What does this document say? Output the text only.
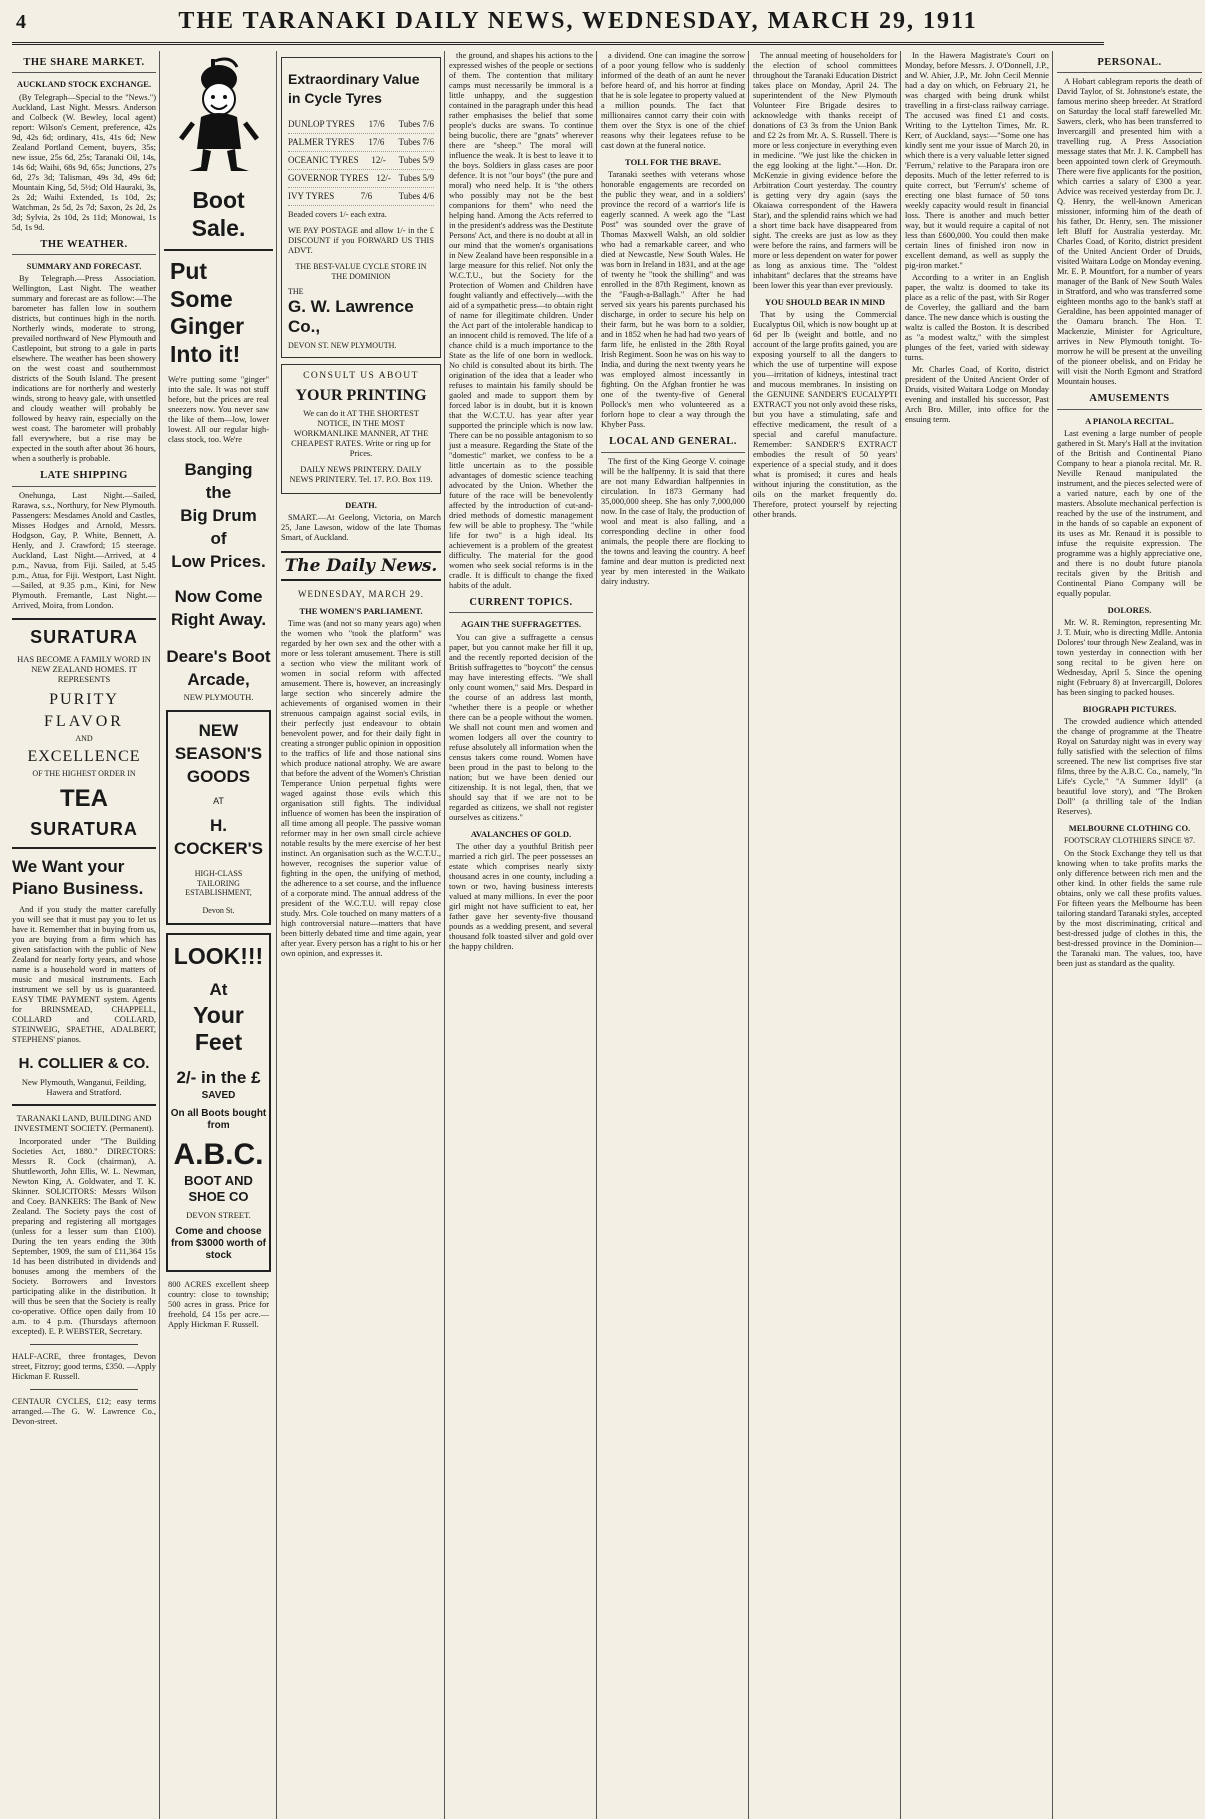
4	THE TARANAKI DAILY NEWS, WEDNESDAY, MARCH 29, 1911
THE SHARE MARKET.
AUCKLAND STOCK EXCHANGE.

(By Telegraph—Special to the "News.") Auckland, Last Night. Messrs. Anderson and Colbeck (W. Bewley, local agent) report: Wilson's Cement, preference, 42s 9d, 42s 6d; ordinary, 41s, 41s 6d; New Zealand Portland Cement, buyers, 35s; new issue, 25s 6d, 25s; Taranaki Oil, 14s, 14s 6d; Waihi, 68s 9d, 65s; Junctions, 27s 6d, 27s 3d; Talisman, 49s 3d, 49s 6d; Mountain King, 5d, 5½d; Old Hauraki, 3s, 2s 2d; Waihi Extended, 1s 10d, 2s; Watchman, 2s 5d, 2s 7d; Saxon, 2s 2d, 2s 3d; Sylvia, 2s 10d, 2s 11d; Monowai, 1s 5d, 1s 9d.

THE WEATHER.
SUMMARY AND FORECAST.

By Telegraph.—Press Association. Wellington, Last Night. The weather summary and forecast are as follow:—The barometer has fallen low in southern districts, but continues high in the north. Northerly winds, moderate to strong, prevailed northward of New Plymouth and Castlepoint, but strong to a gale in parts elsewhere. The weather has been showery on the west coast and southernmost districts of the South Island. The present indications are for northerly and westerly winds, strong to heavy gale, with unsettled and cloudy weather will probably be followed by heavy rain, especially on the west coast. The barometer will probably fall everywhere, but a rise may be expected in the south after about 36 hours, when a southerly is probable.

LATE SHIPPING

Onehunga, Last Night.—Sailed, Rarawa, s.s., Northury, for New Plymouth. Passengers: Mesdames Anold and Castles, Misses Hodges and Arnold, Messrs. Hodgson, Gay, P. White, Bennett, A. Henly, and J. Crawford; 15 steerage. Auckland, Last Night.—Arrived, at 4 p.m., Navua, from Fiji. Sailed, at 5.45 p.m., Atua, for Fiji. Westport, Last Night.—Sailed, at 9.35 p.m., Kini, for New Plymouth. Fremantle, Last Night.—Arrived, Moira, from London.

SURATURA
HAS BECOME A FAMILY WORD IN NEW ZEALAND HOMES. IT REPRESENTS
PURITY
FLAVOR
AND
EXCELLENCE
OF THE HIGHEST ORDER IN
TEA
SURATURA
We Want your Piano Business.

And if you study the matter carefully you will see that it must pay you to let us have it. Remember that in buying from us, you are buying from a firm which has given satisfaction with the public of New Zealand for nearly forty years, and whose name is a household word in matters of music and musical instruments. Each instrument we sell by us is guaranteed. EASY TIME PAYMENT system. Agents for BRINSMEAD, CHAPPELL, COLLARD and COLLARD, STEINWEIG, SPAETHE, ADALBERT, STEPHENS' pianos.

H. COLLIER & CO.
New Plymouth, Wanganui, Feilding, Hawera and Stratford.
TARANAKI LAND, BUILDING AND INVESTMENT SOCIETY. (Permanent).

Incorporated under "The Building Societies Act, 1880." DIRECTORS: Messrs R. Cock (chairman), A. Shuttleworth, John Ellis, W. L. Newman, Newton King, A. Goldwater, and T. K. Skinner. SOLICITORS: Messrs Wilson and Coey. BANKERS: The Bank of New Zealand. The Society pays the cost of preparing and registering all mortgages (unless for a lesser sum than £100). During the ten years ending the 30th September, 1909, the sum of £11,364 15s 1d has been distributed in dividends and bonuses among the members of the Society. Borrowers and Investors participating alike in the distribution. It will thus be seen that the Society is really co-operative. Office open daily from 10 a.m. to 4 p.m. (Thursdays afternoon excepted). E. P. WEBSTER, Secretary.

HALF-ACRE, three frontages, Devon street, Fitzroy; good terms, £350. —Apply Hickman F. Russell.

CENTAUR CYCLES, £12; easy terms arranged.—The G. W. Lawrence Co., Devon-street.

Boot Sale.
Put
Some
Ginger
Into it!

We're putting some "ginger" into the sale. It was not stuff before, but the prices are real sneezers now. You never saw the like of them—low, lower lowest. All our regular high-class stock, too. We're

Banging
the
Big Drum
of
Low Prices.
Now Come Right Away.
Deare's Boot Arcade,
NEW PLYMOUTH.
NEW
SEASON'S
GOODS
AT
H. COCKER'S
HIGH-CLASS TAILORING ESTABLISHMENT,
Devon St.
LOOK!!!
At
Your
Feet
2/- in the £
SAVED
On all Boots bought from
A.B.C.
BOOT AND SHOE CO
DEVON STREET.
Come and choose from $3000 worth of stock

800 ACRES excellent sheep country: close to township; 500 acres in grass. Price for freehold, £4 15s per acre.—Apply Hickman F. Russell.

Extraordinary Value in Cycle Tyres
DUNLOP TYRES 17/6 Tubes 7/6
PALMER TYRES 17/6 Tubes 7/6
OCEANIC TYRES 12/- Tubes 5/9
GOVERNOR TYRES 12/- Tubes 5/9
IVY TYRES	7/6	Tubes 4/6
Beaded covers 1/- each extra.

WE PAY POSTAGE and allow 1/- in the £ DISCOUNT if you FORWARD US THIS ADVT.

THE BEST-VALUE CYCLE STORE IN THE DOMINION
THE
G. W. Lawrence Co.,
DEVON ST. NEW PLYMOUTH.
CONSULT US ABOUT
YOUR PRINTING

We can do it AT THE SHORTEST NOTICE, IN THE MOST WORKMANLIKE MANNER, AT THE CHEAPEST RATES. Write or ring up for Prices.

DAILY NEWS PRINTERY. DAILY NEWS PRINTERY. Tel. 17. P.O. Box 119.

DEATH.

SMART.—At Geelong, Victoria, on March 25, Jane Lawson, widow of the late Thomas Smart, of Auckland.

The Daily News.
WEDNESDAY, MARCH 29.
THE WOMEN'S PARLIAMENT.

Time was (and not so many years ago) when the women who "took the platform" was regarded by her own sex and the other with a more or less tolerant amusement. There is still a section who view the militant work of women in social reform with affected amusement. There is, however, an increasingly large section who sincerely admire the achievements of organised women in their strenuous campaign against social evils, in their perfectly just endeavour to obtain benevolent power, and for their daily fight in creating a stronger public opinion in opposition to the traffics of life and those national sins which produce national atrophy. We are aware that before the advent of the Women's Christian Temperance Union perpetual fights were waged against those evils which this organisation still fights. The individual influence of women has been the inspiration of all time among all people. The passive woman reformer may in her own small circle achieve notable results by the mere exercise of her best instinct. An organisation such as the W.C.T.U., however, recognises the superior value of fighting in the open, the unifying of method, the adherence to a set course, and the influence of a corporate mind. The annual address of the president of the W.C.T.U. will repay close study. Mrs. Cole touched on many matters of a high controversial nature—matters that have been bitterly debated time and time again, year after year. Every person has a right to his or her own opinion, and expresses it.

the ground, and shapes his actions to the expressed wishes of the people or sections of them. The contention that military camps must necessarily be immoral is a little unhappy, and the suggestion contained in the paragraph under this head rather emphasises the belief that some people's ducks are swans. To continue being bucolic, there are "gnats" wherever there are "sheep." The moral will influence the weak. It is best to leave it to the boys. Soldiers in glass cases are poor defence. It is not "our boys" (the pure and moral) who need help. It is "the others who possibly may not be the best companions for them" who need the helping hand. Among the Acts referred to in the president's address was the Destitute Persons' Act, and there is no doubt at all in our mind that the women's organisations in New Zealand have been responsible in a large measure for this relief. Not only the W.C.T.U., but the Society for the Protection of Women and Children have fought valiantly and effectively—with the aid of a sympathetic press—to obtain right of name for illegitimate children. Under the Act part of the intolerable handicap to an innocent child is removed. The life of a chance child is a much importance to the State as the life of one born in wedlock. No child is consulted about its birth. The origination of the idea that a leader who refuses to maintain his family should be gaoled and made to support them by forced labor is in doubt, but it is known that the W.C.T.U. has year after year supported the principle which is now law. There can be no possible antagonism to so just a measure. Regarding the State of the "domestic" market, we confess to be a little uncertain as to the possible advantages of domestic science teaching advocated by the Union. Whether the future of the race will be benevolently affected by the introduction of cut-and-dried methods of domestic management few will be able to prophesy. The "while life for two" is a high ideal. Its achievement is a problem of the greatest difficulty. The material for the good women who seek social reforms is in the cradle. It is difficult to change the fixed habits of the adult.

CURRENT TOPICS.
AGAIN THE SUFFRAGETTES.

You can give a suffragette a census paper, but you cannot make her fill it up, and the recently reported decision of the British suffragettes to "boycott" the census may have interesting effects. "We shall only count women," said Mrs. Despard in the course of an address last month, "whether there is a people or whether there can be a people without the women. We shall not count men and women and women lodgers all over the country to refuse absolutely all information when the census takers come round. Women have been proud in the past to belong to the nation; but we have been denied our citizenship. It is not legal, then, that we should say that if we are not to be regarded as citizens, we shall not register ourselves as citizens."

AVALANCHES OF GOLD.

The other day a youthful British peer married a rich girl. The peer possesses an estate which comprises nearly sixty thousand acres in one county, including a town or two, having business interests valued at many millions. In ever the poor girl might not have sufficient to eat, her father gave her seventy-five thousand pounds as a wedding present, and several thousand folk toasted silver and gold over the happy children.

a dividend. One can imagine the sorrow of a poor young fellow who is suddenly informed of the death of an aunt he never before heard of, and his horror at finding that he is sole legatee to property valued at a million pounds. The fact that millionaires cannot carry their coin with them over the Styx is one of the chief reasons why their legatees refuse to be cast down at the funeral notice.

TOLL FOR THE BRAVE.

Taranaki seethes with veterans whose honorable engagements are recorded on the public they wear, and in a soldiers' province the record of a warrior's life is eagerly scanned. A week ago the "Last Post" was sounded over the grave of Thomas Maxwell Walsh, an old soldier who had a remarkable career, and who died at Newcastle, New South Wales. He was born in Ireland in 1831, and at the age of twenty he "took the shilling" and was enrolled in the 87th Regiment, known as the "Faugh-a-Ballagh." After he had served six years his parents purchased his discharge, in order to secure his help on their farm, but he was born to a soldier, and in 1852 when he had had two years of farm life, he enlisted in the 28th Royal Irish Regiment. Soon he was on his way to India, and during the next twenty years he was employed almost incessantly in fighting. On the Afghan frontier he was one of the twenty-five of General Pollock's men who volunteered as a forlorn hope to clear a way through the Khyber Pass.

LOCAL AND GENERAL.

The first of the King George V. coinage will be the halfpenny. It is said that there are not many Edwardian halfpennies in circulation. In 1873 Germany had 35,000,000 sheep. She has only 7,000,000 now. In the case of Italy, the production of wool and meat is also falling, and a corresponding decline in other food animals, the people there are flocking to the towns and leaving the country. A beef famine and dear mutton is predicted next year by men interested in the Waikato dairy industry.

The annual meeting of householders for the election of school committees throughout the Taranaki Education District takes place on Monday, April 24. The superintendent of the New Plymouth Volunteer Fire Brigade desires to acknowledge with thanks receipt of donations of £3 3s from the Union Bank and £2 2s from Mr. A. S. Russell. There is more or less conjecture in everything even in medicine. "We just like the chicken in the egg looking at the light."—Hon. Dr. McKenzie in giving evidence before the Arbitration Court yesterday. The country is getting very dry again (says the Okaiawa correspondent of the Hawera Star), and the splendid rains which we had a short time back have disappeared from sight. The creeks are just as low as they were before the rains, and farmers will be more or less dependent on water for power as long as anxious time. The "oldest inhabitant" declares that the streams have been lower this year than ever previously.

YOU SHOULD BEAR IN MIND

That by using the Commercial Eucalyptus Oil, which is now bought up at 6d per lb (weight and bottle, and no account of the large profits gained, you are exposing yourself to all the dangers to which the use of turpentine will expose you—irritation of kidneys, intestinal tract and mucous membranes. In insisting on the GENUINE SANDER'S EUCALYPTI EXTRACT you not only avoid these risks, but you have a stimulating, safe and effective medicament, the result of a special and careful manufacture. Remember: SANDER'S EXTRACT embodies the result of 50 years' experience of a special study, and it does what is promised; it cures and heals without injuring the constitution, as the oils on the market frequently do. Therefore, protect yourself by rejecting other brands.

In the Hawera Magistrate's Court on Monday, before Messrs. J. O'Donnell, J.P., and W. Ahier, J.P., Mr. John Cecil Mennie had a day on which, on February 21, he was charged with being drunk whilst travelling in a first-class railway carriage. The accused was fined £1 and costs. Writing to the Lyttelton Times, Mr. R. Kerr, of Auckland, says:—"Some one has kindly sent me your issue of March 20, in which there is a very valuable letter signed 'Ferrum,' relative to the Parapara iron ore deposits. Much of the letter referred to is quite correct, but 'Ferrum's' scheme of erecting one blast furnace of 50 tons weekly capacity would result in financial loss. There is another and much better way, but it would require a capital of not less than £600,000. You could then make certain lines of finished iron now in excellent demand, as well as supply the pig-iron market."

According to a writer in an English paper, the waltz is doomed to take its place as a relic of the past, with Sir Roger de Coverley, the galliard and the barn dance. The new dance which is ousting the waltz is called the Boston. It is described as "a modest waltz," with the simplest plunges of the feet, varied with sideway turns.

Mr. Charles Coad, of Korito, district president of the United Ancient Order of Druids, visited Waitara Lodge on Monday evening and installed his successor, Past Arch Bro. Miller, into office for the ensuing term.

PERSONAL.

A Hobart cablegram reports the death of David Taylor, of St. Johnstone's estate, the famous merino sheep breeder. At Stratford on Saturday the local staff farewelled Mr. Sawers, clerk, who has been transferred to Invercargill and presented him with a travelling rug. A Press Association message states that Mr. J. K. Campbell has been appointed town clerk of Greymouth. There were five applicants for the position, which carries a salary of £300 a year. Advice was received yesterday from Dr. J. Q. Henry, the well-known American missioner, informing him of the death of his father, Dr. Henry, sen. The missioner left Bluff for Australia yesterday. Mr. Charles Coad, of Korito, district president of the United Ancient Order of Druids, visited Waitara Lodge on Monday evening. Mr. E. P. Mountfort, for a number of years manager of the Bank of New South Wales in Stratford, and who was transferred some eighteen months ago to the bank's staff at Geraldine, has been appointed manager of the Oamaru branch. The Hon. T. Mackenzie, Minister for Agriculture, arrives in New Plymouth tonight. To-morrow he will be present at the unveiling of the pioneer obelisk, and on Friday he will visit the North Egmont and Stratford Mountain houses.

AMUSEMENTS
A PIANOLA RECITAL.

Last evening a large number of people gathered in St. Mary's Hall at the invitation of the British and Continental Piano Company to hear a pianola recital. Mr. R. Neville Renaud manipulated the instrument, and the pieces selected were of a varied nature, each by one of the masters. Absolute mechanical perfection is reached by the use of the instrument, and in the hands of so capable an exponent of its uses as Mr. Renaud it is possible to infuse the requisite expression. The programme was a highly appreciative one, and there is no doubt future pianola recitals given by the British and Continental Piano Company will be equally popular.

DOLORES.

Mr. W. R. Remington, representing Mr. J. T. Muir, who is directing Mdlle. Antonia Dolores' tour through New Zealand, was in town yesterday in connection with her song recital to be given here on Wednesday, April 5. Since the opening night (February 8) at Invercargill, Dolores has been singing to packed houses.

BIOGRAPH PICTURES.

The crowded audience which attended the change of programme at the Theatre Royal on Saturday night was in every way fully satisfied with the selection of films screened. The new list comprises five star films, three by the A.B.C. Co., namely, "In Life's Cycle," "A Summer Idyll" (a beautiful love story), and "The Broken Doll" (a thrilling tale of the Indian Reserves).

MELBOURNE CLOTHING CO.
FOOTSCRAY CLOTHIERS SINCE '87.

On the Stock Exchange they tell us that knowing when to take profits marks the only difference between rich men and the other kind. In other fields the same rule obtains, only we call these profits values. For fifteen years the Melbourne has been tailoring standard Taranaki styles, accepted by the most discriminating, critical and best-dressed judge of clothes in this, the best-dressed province in the Dominion—the Taranaki man. The values, too, have been just as standard as the quality.
